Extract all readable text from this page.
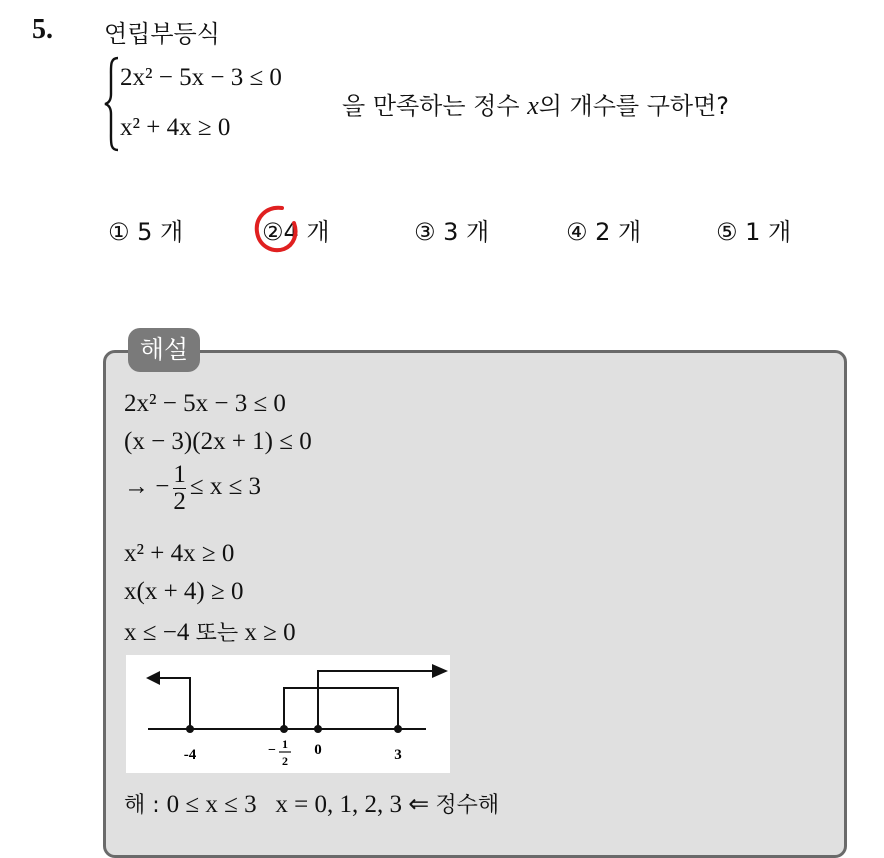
5. 연립부등식
2x² − 5x − 3 ≤ 0
x² + 4x ≥ 0
을 만족하는 정수 x의 개수를 구하면?
① 5 개	②4 개	③ 3 개	④ 2 개	⑤ 1 개
해설
2x² − 5x − 3 ≤ 0
(x − 3)(2x + 1) ≤ 0
→ − $\frac{1}{2} \le x \le 3$
x² + 4x ≥ 0
x(x + 4) ≥ 0
x ≤ −4 또는 x ≥ 0
-4	− 1
2
0	3
해 : 0 ≤ x ≤ 3 x = 0, 1, 2, 3 ⇐ 정수해
